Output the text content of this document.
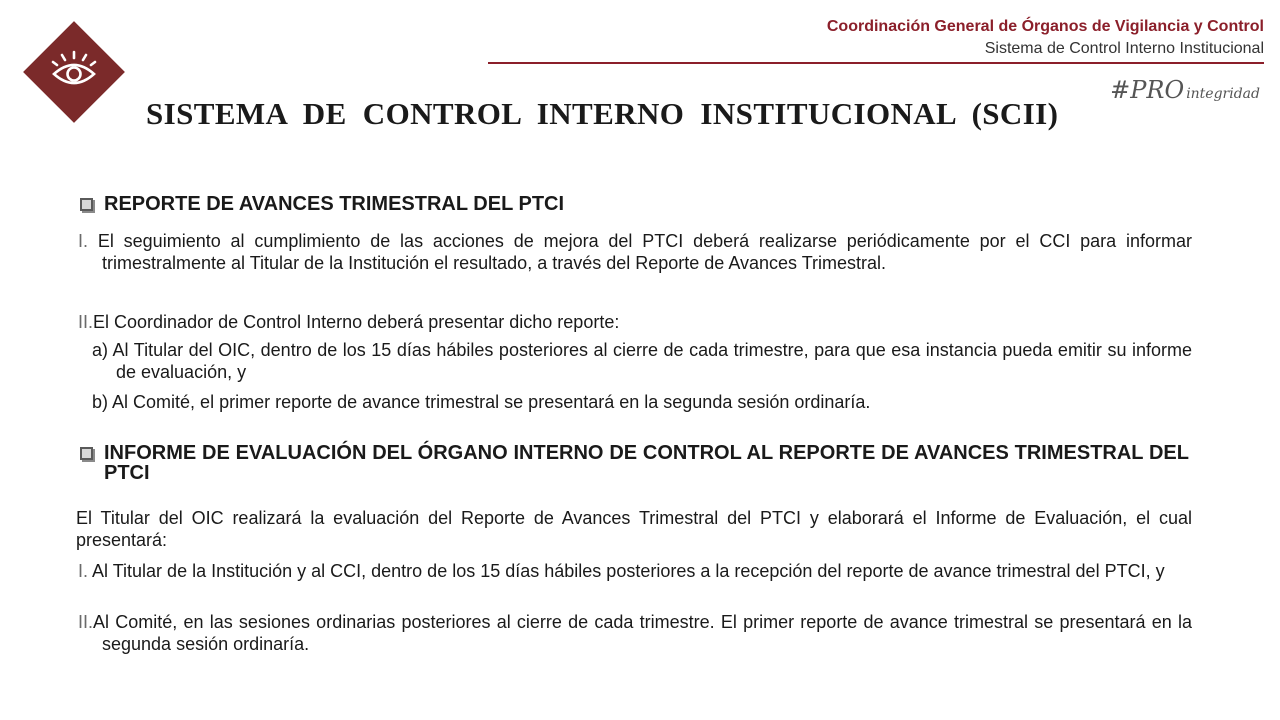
Coordinación General de Órganos de Vigilancia y Control
Sistema de Control Interno Institucional
#PRO integridad
SISTEMA DE CONTROL INTERNO INSTITUCIONAL (SCII)
REPORTE DE AVANCES TRIMESTRAL DEL PTCI
I. El seguimiento al cumplimiento de las acciones de mejora del PTCI deberá realizarse periódicamente por el CCI para informar trimestralmente al Titular de la Institución el resultado, a través del Reporte de Avances Trimestral.
II.El Coordinador de Control Interno deberá presentar dicho reporte:
a) Al Titular del OIC, dentro de los 15 días hábiles posteriores al cierre de cada trimestre, para que esa instancia pueda emitir su informe de evaluación, y
b) Al Comité, el primer reporte de avance trimestral se presentará en la segunda sesión ordinaría.
INFORME DE EVALUACIÓN DEL ÓRGANO INTERNO DE CONTROL AL REPORTE DE AVANCES TRIMESTRAL DEL PTCI
El Titular del OIC realizará la evaluación del Reporte de Avances Trimestral del PTCI y elaborará el Informe de Evaluación, el cual presentará:
I. Al Titular de la Institución y al CCI, dentro de los 15 días hábiles posteriores a la recepción del reporte de avance trimestral del PTCI, y
II.Al Comité, en las sesiones ordinarias posteriores al cierre de cada trimestre. El primer reporte de avance trimestral se presentará en la segunda sesión ordinaría.
